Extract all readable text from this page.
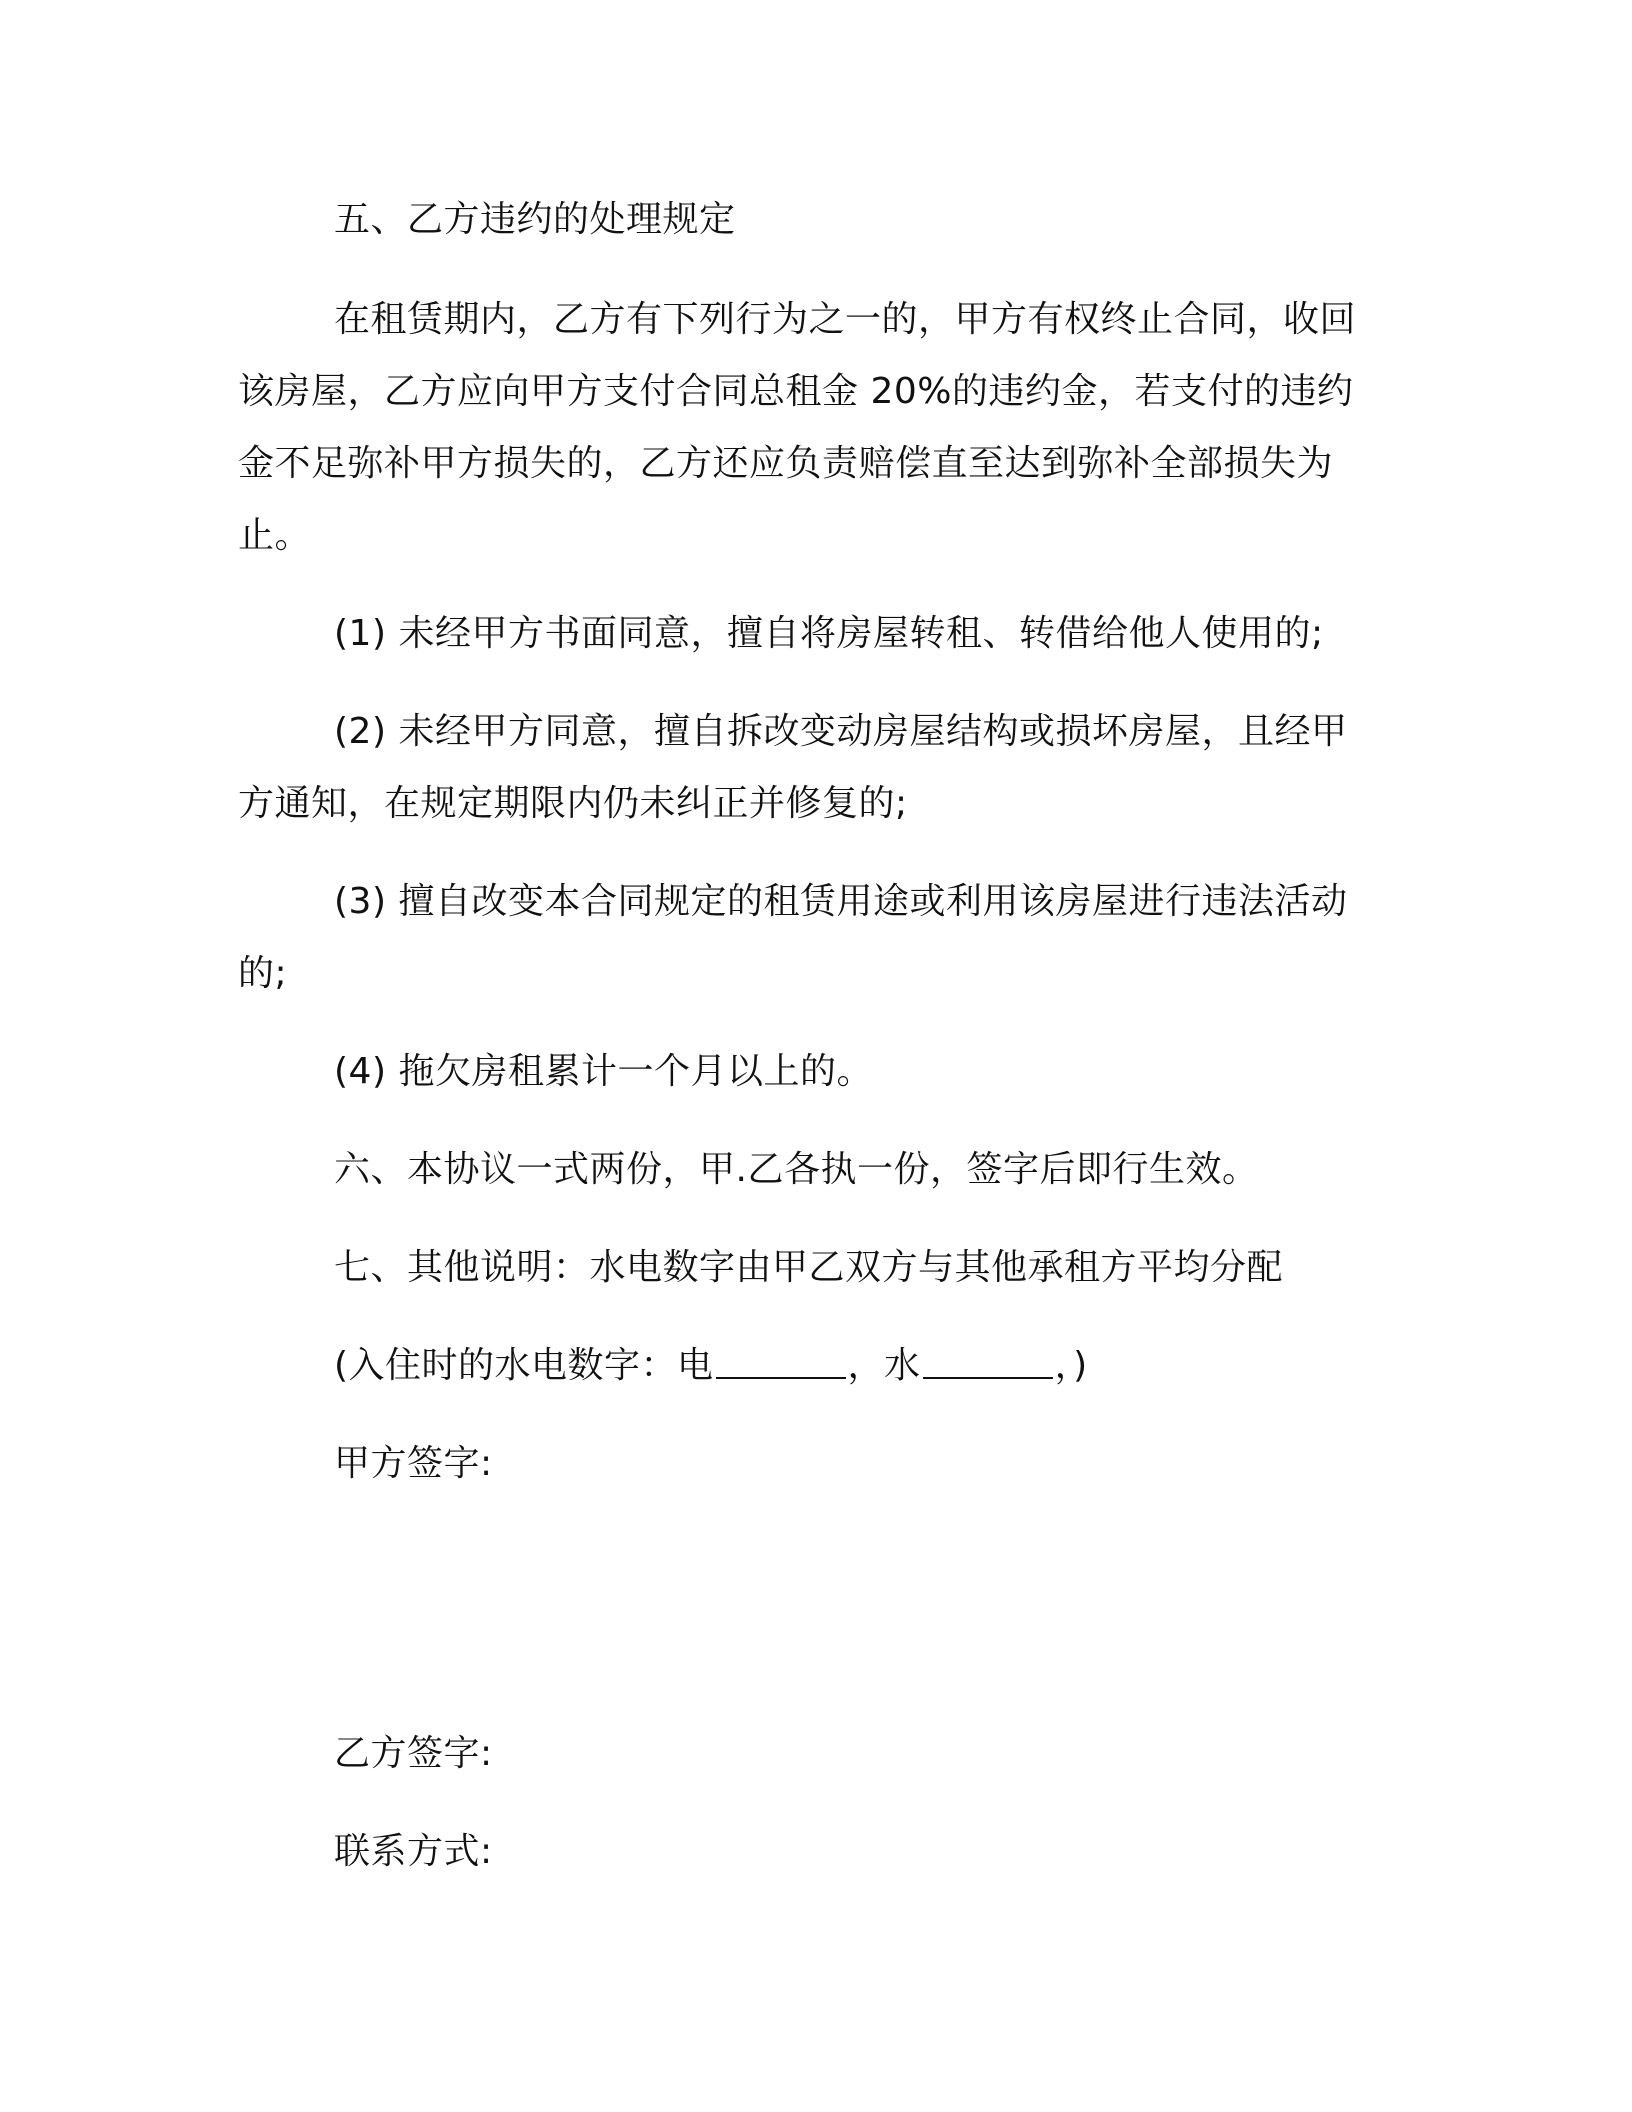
五、乙方违约的处理规定
在租赁期内，乙方有下列行为之一的，甲方有权终止合同，收回
该房屋，乙方应向甲方支付合同总租金 20%的违约金，若支付的违约
金不足弥补甲方损失的，乙方还应负责赔偿直至达到弥补全部损失为
止。
(1) 未经甲方书面同意，擅自将房屋转租、转借给他人使用的;
(2) 未经甲方同意，擅自拆改变动房屋结构或损坏房屋，且经甲
方通知，在规定期限内仍未纠正并修复的;
(3) 擅自改变本合同规定的租赁用途或利用该房屋进行违法活动
的;
(4) 拖欠房租累计一个月以上的。
六、本协议一式两份，甲.乙各执一份，签字后即行生效。
七、其他说明：水电数字由甲乙双方与其他承租方平均分配
(入住时的水电数字：电	，水	，)
甲方签字:
乙方签字:
联系方式:
